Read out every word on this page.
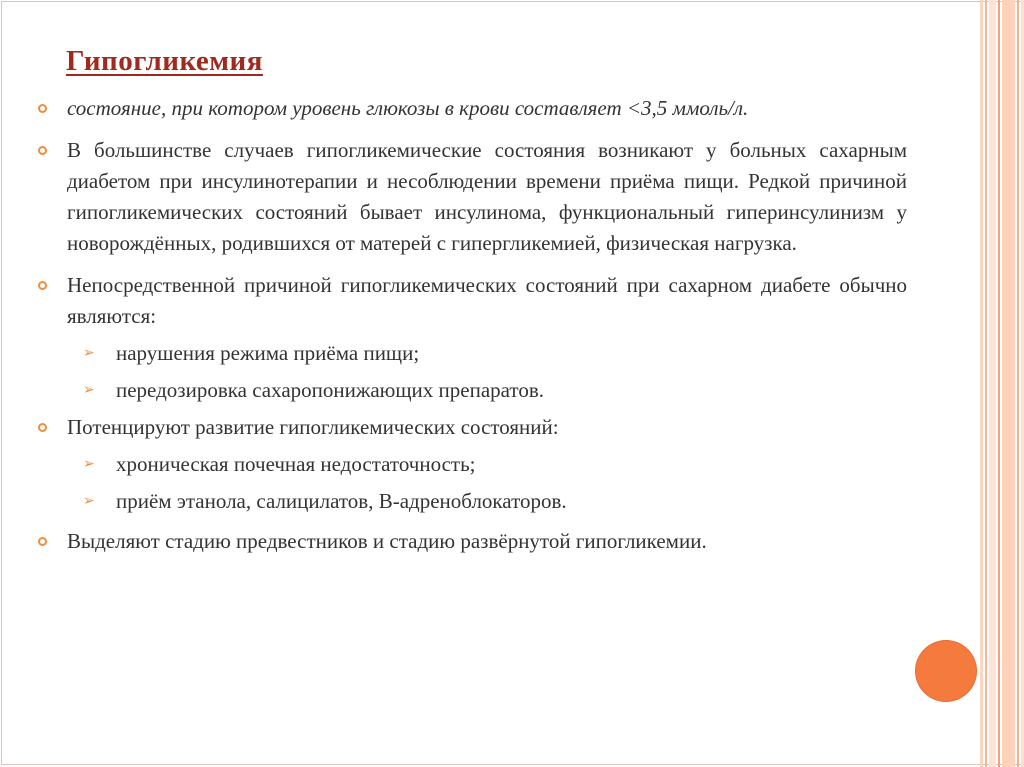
Гипогликемия
состояние, при котором уровень глюкозы в крови составляет <3,5 ммоль/л.
В большинстве случаев гипогликемические состояния возникают у больных сахарным диабетом при инсулинотерапии и несоблюдении времени приёма пищи. Редкой причиной гипогликемических состояний бывает инсулинома, функциональный гиперинсулинизм у новорождённых, родившихся от матерей с гипергликемией, физическая нагрузка.
Непосредственной причиной гипогликемических состояний при сахарном диабете обычно являются:
➢ нарушения режима приёма пищи;
➢ передозировка сахаропонижающих препаратов.
Потенцируют развитие гипогликемических состояний:
➢ хроническая почечная недостаточность;
➢ приём этанола, салицилатов, В-адреноблокаторов.
Выделяют стадию предвестников и стадию развёрнутой гипогликемии.
